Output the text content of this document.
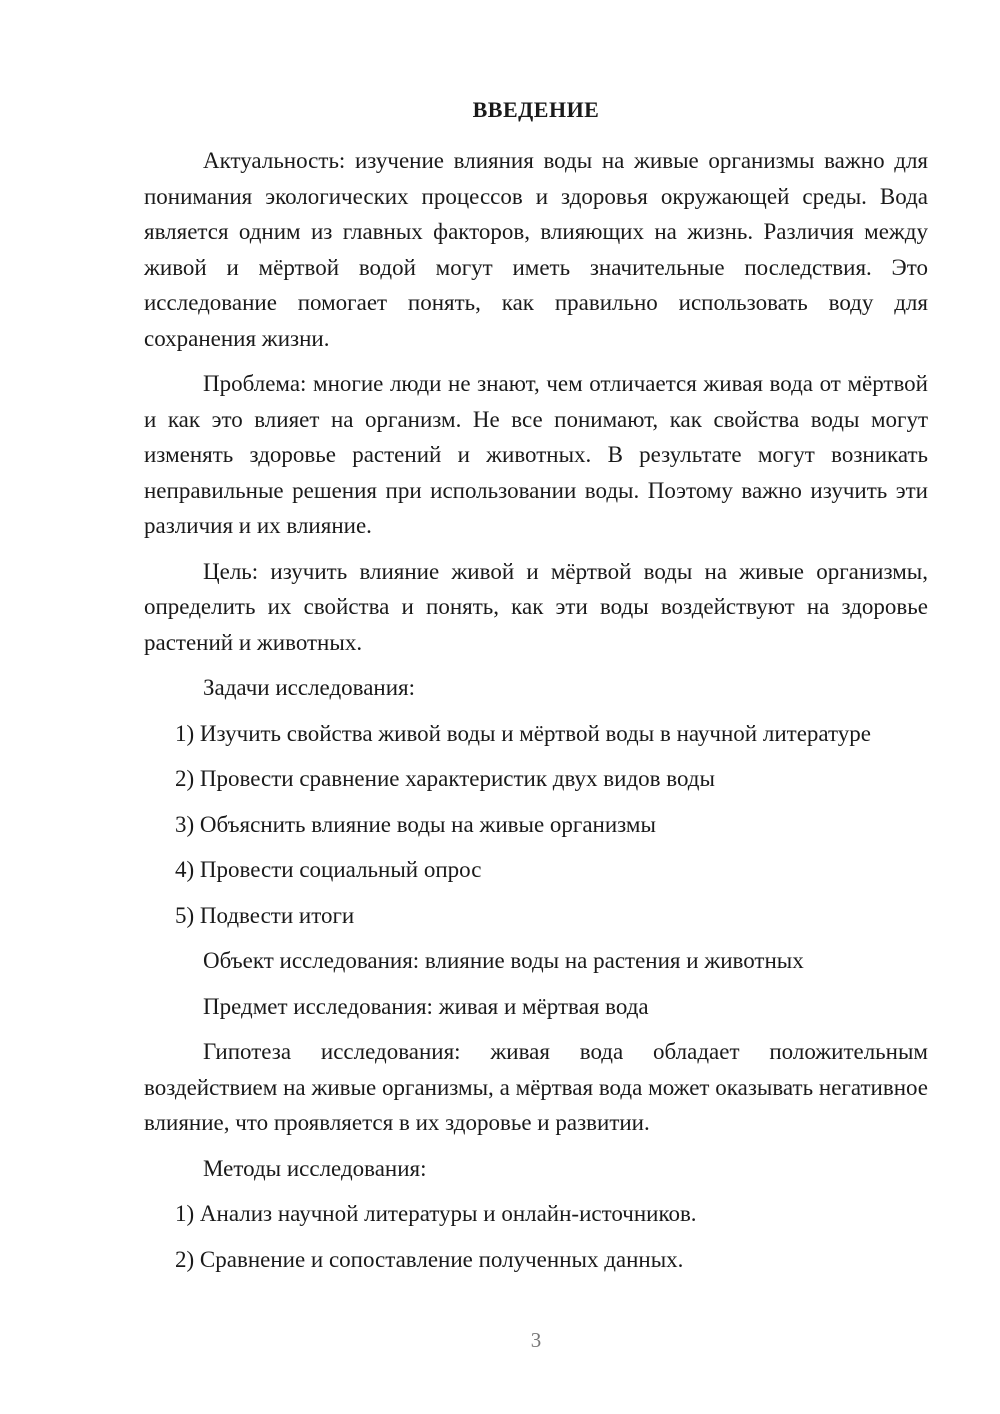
ВВЕДЕНИЕ

Актуальность: изучение влияния воды на живые организмы важно для понимания экологических процессов и здоровья окружающей среды. Вода является одним из главных факторов, влияющих на жизнь. Различия между живой и мёртвой водой могут иметь значительные последствия. Это исследование помогает понять, как правильно использовать воду для сохранения жизни.

Проблема: многие люди не знают, чем отличается живая вода от мёртвой и как это влияет на организм. Не все понимают, как свойства воды могут изменять здоровье растений и животных. В результате могут возникать неправильные решения при использовании воды. Поэтому важно изучить эти различия и их влияние.

Цель: изучить влияние живой и мёртвой воды на живые организмы, определить их свойства и понять, как эти воды воздействуют на здоровье растений и животных.

Задачи исследования:

1) Изучить свойства живой воды и мёртвой воды в научной литературе

2) Провести сравнение характеристик двух видов воды

3) Объяснить влияние воды на живые организмы

4) Провести социальный опрос

5) Подвести итоги

Объект исследования: влияние воды на растения и животных

Предмет исследования: живая и мёртвая вода

Гипотеза исследования: живая вода обладает положительным воздействием на живые организмы, а мёртвая вода может оказывать негативное влияние, что проявляется в их здоровье и развитии.

Методы исследования:

1) Анализ научной литературы и онлайн-источников.

2) Сравнение и сопоставление полученных данных.

3
